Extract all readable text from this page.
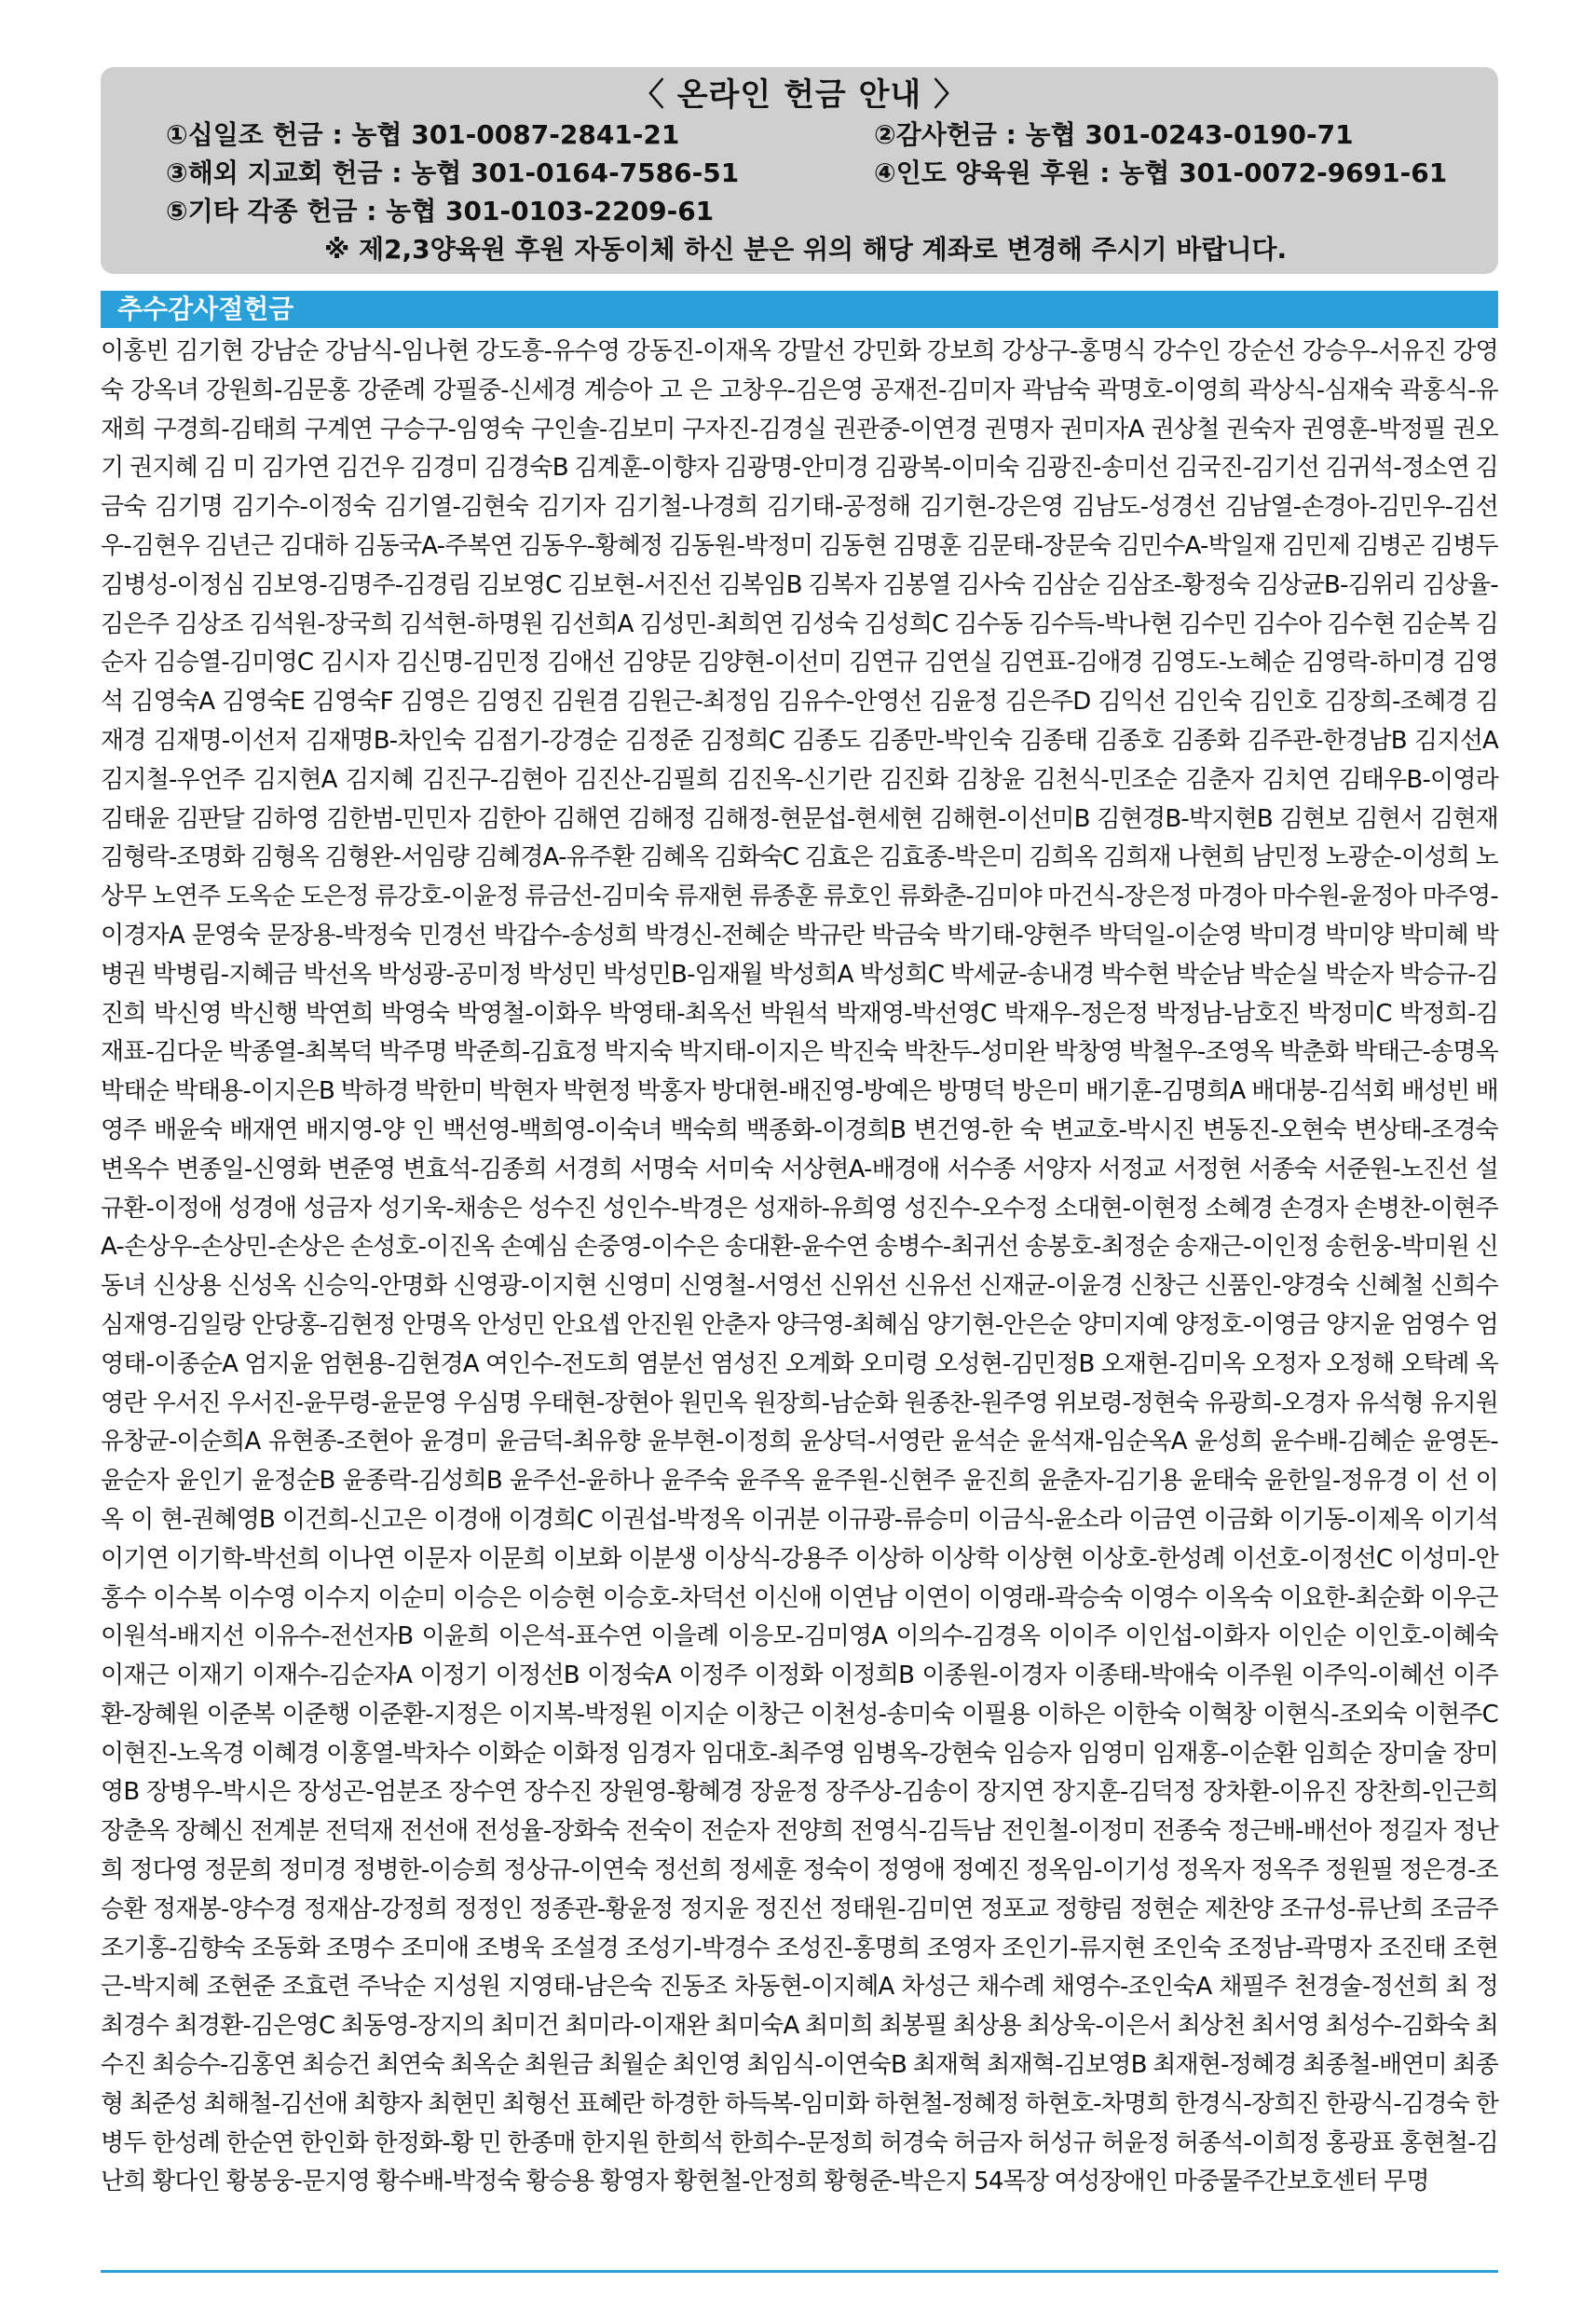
〈 온라인 헌금 안내 〉
①십일조 헌금 : 농협 301-0087-2841-21	②감사헌금 : 농협 301-0243-0190-71
③해외 지교회 헌금 : 농협 301-0164-7586-51	④인도 양육원 후원 : 농협 301-0072-9691-61
⑤기타 각종 헌금 : 농협 301-0103-2209-61
※ 제2,3양육원 후원 자동이체 하신 분은 위의 해당 계좌로 변경해 주시기 바랍니다.
추수감사절헌금
이홍빈 김기현 강남순 강남식-임나현 강도흥-유수영 강동진-이재옥 강말선 강민화 강보희 강상구-홍명식 강수인 강순선 강승우-서유진 강영숙 강옥녀 강원희-김문홍 강준례 강필중-신세경 계승아 고 은 고창우-김은영 공재전-김미자 곽남숙 곽명호-이영희 곽상식-심재숙 곽홍식-유재희 구경희-김태희 구계연 구승구-임영숙 구인솔-김보미 구자진-김경실 권관중-이연경 권명자 권미자A 권상철 권숙자 권영훈-박정필 권오기 권지혜 김 미 김가연 김건우 김경미 김경숙B 김계훈-이향자 김광명-안미경 김광복-이미숙 김광진-송미선 김국진-김기선 김귀석-정소연 김금숙 김기명 김기수-이정숙 김기열-김현숙 김기자 김기철-나경희 김기태-공정해 김기현-강은영 김남도-성경선 김남열-손경아-김민우-김선우-김현우 김년근 김대하 김동국A-주복연 김동우-황혜정 김동원-박정미 김동현 김명훈 김문태-장문숙 김민수A-박일재 김민제 김병곤 김병두 김병성-이정심 김보영-김명주-김경림 김보영C 김보현-서진선 김복임B 김복자 김봉열 김사숙 김삼순 김삼조-황정숙 김상균B-김위리 김상율-김은주 김상조 김석원-장국희 김석현-하명원 김선희A 김성민-최희연 김성숙 김성희C 김수동 김수득-박나현 김수민 김수아 김수현 김순복 김순자 김승열-김미영C 김시자 김신명-김민정 김애선 김양문 김양현-이선미 김연규 김연실 김연표-김애경 김영도-노혜순 김영락-하미경 김영석 김영숙A 김영숙E 김영숙F 김영은 김영진 김원겸 김원근-최정임 김유수-안영선 김윤정 김은주D 김익선 김인숙 김인호 김장희-조혜경 김재경 김재명-이선저 김재명B-차인숙 김점기-강경순 김정준 김정희C 김종도 김종만-박인숙 김종태 김종호 김종화 김주관-한경남B 김지선A 김지철-우언주 김지현A 김지혜 김진구-김현아 김진산-김필희 김진옥-신기란 김진화 김창윤 김천식-민조순 김춘자 김치연 김태우B-이영라 김태윤 김판달 김하영 김한범-민민자 김한아 김해연 김해정 김해정-현문섭-현세현 김해현-이선미B 김현경B-박지현B 김현보 김현서 김현재 김형락-조명화 김형옥 김형완-서임량 김혜경A-유주환 김혜옥 김화숙C 김효은 김효종-박은미 김희옥 김희재 나현희 남민정 노광순-이성희 노상무 노연주 도옥순 도은정 류강호-이윤정 류금선-김미숙 류재현 류종훈 류호인 류화춘-김미야 마건식-장은정 마경아 마수원-윤정아 마주영-이경자A 문영숙 문장용-박정숙 민경선 박갑수-송성희 박경신-전혜순 박규란 박금숙 박기태-양현주 박덕일-이순영 박미경 박미양 박미혜 박병권 박병림-지혜금 박선옥 박성광-공미정 박성민 박성민B-임재월 박성희A 박성희C 박세균-송내경 박수현 박순남 박순실 박순자 박승규-김진희 박신영 박신행 박연희 박영숙 박영철-이화우 박영태-최옥선 박원석 박재영-박선영C 박재우-정은정 박정남-남호진 박정미C 박정희-김재표-김다운 박종열-최복덕 박주명 박준희-김효정 박지숙 박지태-이지은 박진숙 박찬두-성미완 박창영 박철우-조영옥 박춘화 박태근-송명옥 박태순 박태용-이지은B 박하경 박한미 박현자 박현정 박홍자 방대현-배진영-방예은 방명덕 방은미 배기훈-김명희A 배대붕-김석회 배성빈 배영주 배윤숙 배재연 배지영-양 인 백선영-백희영-이숙녀 백숙희 백종화-이경희B 변건영-한 숙 변교호-박시진 변동진-오현숙 변상태-조경숙 변옥수 변종일-신영화 변준영 변효석-김종희 서경희 서명숙 서미숙 서상현A-배경애 서수종 서양자 서정교 서정현 서종숙 서준원-노진선 설규환-이정애 성경애 성금자 성기욱-채송은 성수진 성인수-박경은 성재하-유희영 성진수-오수정 소대현-이현정 소혜경 손경자 손병찬-이현주A-손상우-손상민-손상은 손성호-이진옥 손예심 손중영-이수은 송대환-윤수연 송병수-최귀선 송봉호-최정순 송재근-이인정 송헌웅-박미원 신동녀 신상용 신성옥 신승익-안명화 신영광-이지현 신영미 신영철-서영선 신위선 신유선 신재균-이윤경 신창근 신품인-양경숙 신혜철 신희수 심재영-김일랑 안당홍-김현정 안명옥 안성민 안요셉 안진원 안춘자 양극영-최혜심 양기현-안은순 양미지예 양정호-이영금 양지윤 엄영수 엄영태-이종순A 엄지윤 엄현용-김현경A 여인수-전도희 염분선 염성진 오계화 오미령 오성현-김민정B 오재현-김미옥 오정자 오정해 오탁례 옥영란 우서진 우서진-윤무령-윤문영 우심명 우태현-장현아 원민옥 원장희-남순화 원종찬-원주영 위보령-정현숙 유광희-오경자 유석형 유지원 유창균-이순희A 유현종-조현아 윤경미 윤금덕-최유향 윤부현-이정희 윤상덕-서영란 윤석순 윤석재-임순옥A 윤성희 윤수배-김혜순 윤영돈-윤순자 윤인기 윤정순B 윤종락-김성희B 윤주선-윤하나 윤주숙 윤주옥 윤주원-신현주 윤진희 윤춘자-김기용 윤태숙 윤한일-정유경 이 선 이 옥 이 현-권혜영B 이건희-신고은 이경애 이경희C 이권섭-박정옥 이귀분 이규광-류승미 이금식-윤소라 이금연 이금화 이기동-이제옥 이기석 이기연 이기학-박선희 이나연 이문자 이문희 이보화 이분생 이상식-강용주 이상하 이상학 이상현 이상호-한성례 이선호-이정선C 이성미-안홍수 이수복 이수영 이수지 이순미 이승은 이승현 이승호-차덕선 이신애 이연남 이연이 이영래-곽승숙 이영수 이옥숙 이요한-최순화 이우근 이원석-배지선 이유수-전선자B 이윤희 이은석-표수연 이을례 이응모-김미영A 이의수-김경옥 이이주 이인섭-이화자 이인순 이인호-이혜숙 이재근 이재기 이재수-김순자A 이정기 이정선B 이정숙A 이정주 이정화 이정희B 이종원-이경자 이종태-박애숙 이주원 이주익-이혜선 이주환-장혜원 이준복 이준행 이준환-지정은 이지복-박정원 이지순 이창근 이천성-송미숙 이필용 이하은 이한숙 이혁창 이현식-조외숙 이현주C 이현진-노옥경 이혜경 이홍열-박차수 이화순 이화정 임경자 임대호-최주영 임병옥-강현숙 임승자 임영미 임재홍-이순환 임희순 장미술 장미영B 장병우-박시은 장성곤-엄분조 장수연 장수진 장원영-황혜경 장윤정 장주상-김송이 장지연 장지훈-김덕정 장차환-이유진 장찬희-인근희 장춘옥 장혜신 전계분 전덕재 전선애 전성율-장화숙 전숙이 전순자 전양희 전영식-김득남 전인철-이정미 전종숙 정근배-배선아 정길자 정난희 정다영 정문희 정미경 정병한-이승희 정상규-이연숙 정선희 정세훈 정숙이 정영애 정예진 정옥임-이기성 정옥자 정옥주 정원필 정은경-조승환 정재봉-양수경 정재삼-강정희 정정인 정종관-황윤정 정지윤 정진선 정태원-김미연 정포교 정향림 정현순 제찬양 조규성-류난희 조금주 조기홍-김향숙 조동화 조명수 조미애 조병욱 조설경 조성기-박경수 조성진-홍명희 조영자 조인기-류지현 조인숙 조정남-곽명자 조진태 조현근-박지혜 조현준 조효련 주낙순 지성원 지영태-남은숙 진동조 차동현-이지혜A 차성근 채수례 채영수-조인숙A 채필주 천경술-정선희 최 정 최경수 최경환-김은영C 최동영-장지의 최미건 최미라-이재완 최미숙A 최미희 최봉필 최상용 최상욱-이은서 최상천 최서영 최성수-김화숙 최수진 최승수-김홍연 최승건 최연숙 최옥순 최원금 최월순 최인영 최임식-이연숙B 최재혁 최재혁-김보영B 최재현-정혜경 최종철-배연미 최종형 최준성 최해철-김선애 최향자 최현민 최형선 표혜란 하경한 하득복-임미화 하현철-정혜정 하현호-차명희 한경식-장희진 한광식-김경숙 한병두 한성례 한순연 한인화 한정화-황 민 한종매 한지원 한희석 한희수-문정희 허경숙 허금자 허성규 허윤정 허종석-이희정 홍광표 홍현철-김난희 황다인 황봉웅-문지영 황수배-박정숙 황승용 황영자 황현철-안정희 황형준-박은지 54목장 여성장애인 마중물주간보호센터 무명
